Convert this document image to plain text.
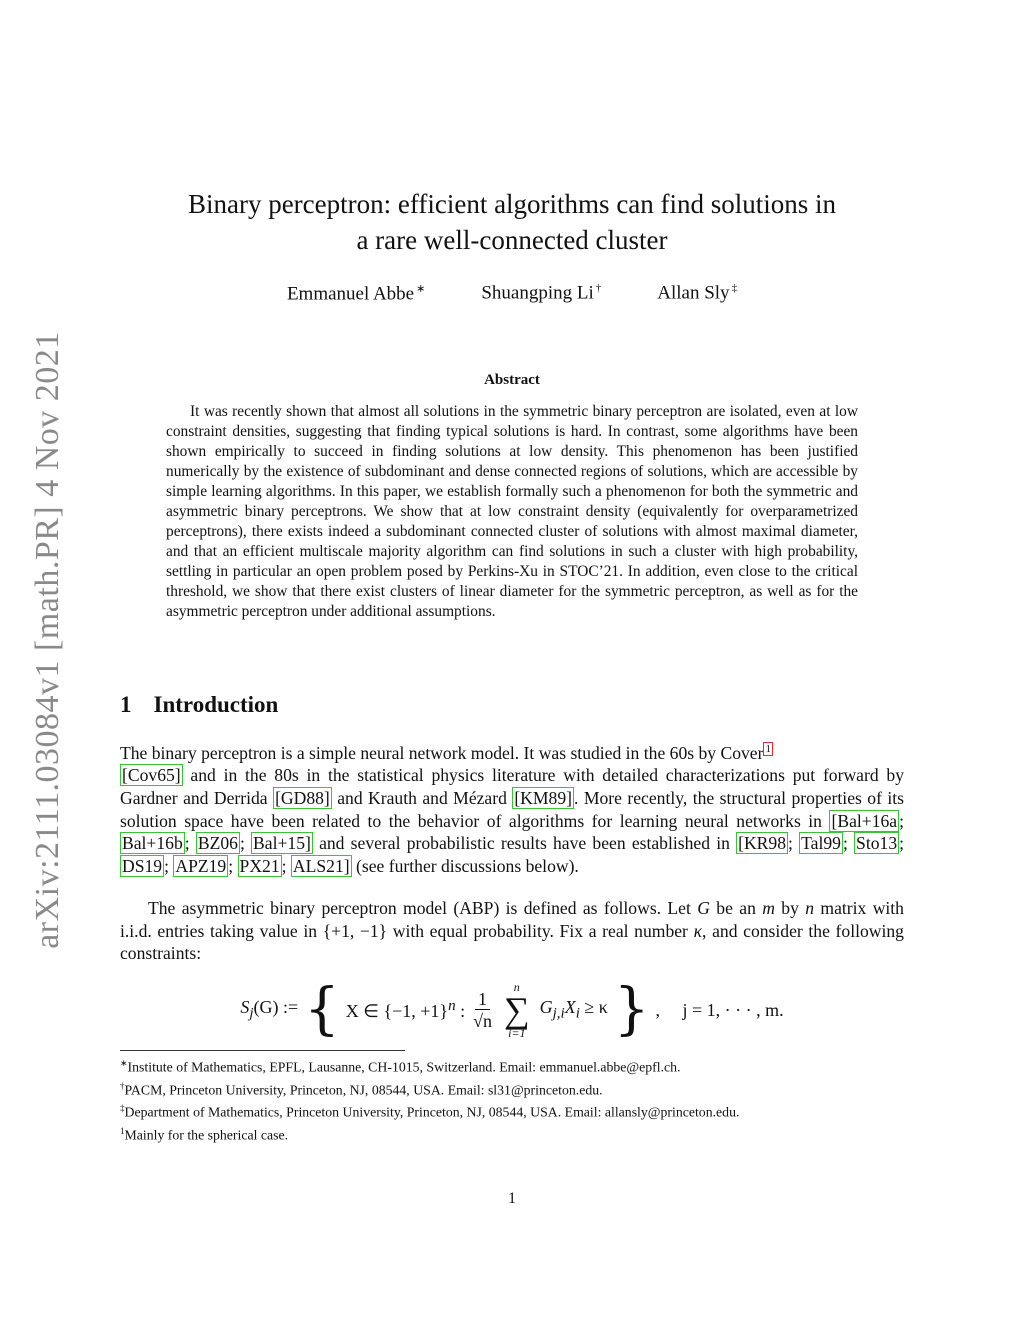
arXiv:2111.03084v1 [math.PR] 4 Nov 2021
Binary perceptron: efficient algorithms can find solutions in
a rare well-connected cluster
Emmanuel Abbe ∗	Shuangping Li †	Allan Sly ‡
Abstract

It was recently shown that almost all solutions in the symmetric binary perceptron are isolated, even at low constraint densities, suggesting that finding typical solutions is hard. In contrast, some algorithms have been shown empirically to succeed in finding solutions at low density. This phenomenon has been justified numerically by the existence of subdominant and dense connected regions of solutions, which are accessible by simple learning algorithms. In this paper, we establish formally such a phenomenon for both the symmetric and asymmetric binary perceptrons. We show that at low constraint density (equivalently for overparametrized perceptrons), there exists indeed a subdominant connected cluster of solutions with almost maximal diameter, and that an efficient multiscale majority algorithm can find solutions in such a cluster with high probability, settling in particular an open problem posed by Perkins-Xu in STOC’21. In addition, even close to the critical threshold, we show that there exist clusters of linear diameter for the symmetric perceptron, as well as for the asymmetric perceptron under additional assumptions.

1 Introduction

The binary perceptron is a simple neural network model. It was studied in the 60s by Cover $^1$
[Cov65] and in the 80s in the statistical physics literature with detailed characterizations put forward by Gardner and Derrida [GD88] and Krauth and Mézard [KM89] . More recently, the structural properties of its solution space have been related to the behavior of algorithms for learning neural networks in [Bal+16a ; Bal+16b ; BZ06 ; Bal+15] and several probabilistic results have been established in [KR98 ; Tal99 ; Sto13 ; DS19 ; APZ19 ; PX21 ; ALS21] (see further discussions below).

The asymmetric binary perceptron model (ABP) is defined as follows. Let G be an m by n matrix with i.i.d. entries taking value in {+1, −1} with equal probability. Fix a real number κ, and consider the following constraints:

$S_j(G)$ := { X ∈ {−1, +1}$^n$ : $\frac{1}{√n}$
n
∑
i=1
$G_{j,i}X_i \ge \kappa$ } ,     j = 1, · · · , m.
∗Institute of Mathematics, EPFL, Lausanne, CH-1015, Switzerland. Email: emmanuel.abbe@epfl.ch.
†PACM, Princeton University, Princeton, NJ, 08544, USA. Email: sl31@princeton.edu.
‡Department of Mathematics, Princeton University, Princeton, NJ, 08544, USA. Email: allansly@princeton.edu.
$^1$Mainly for the spherical case.
1
